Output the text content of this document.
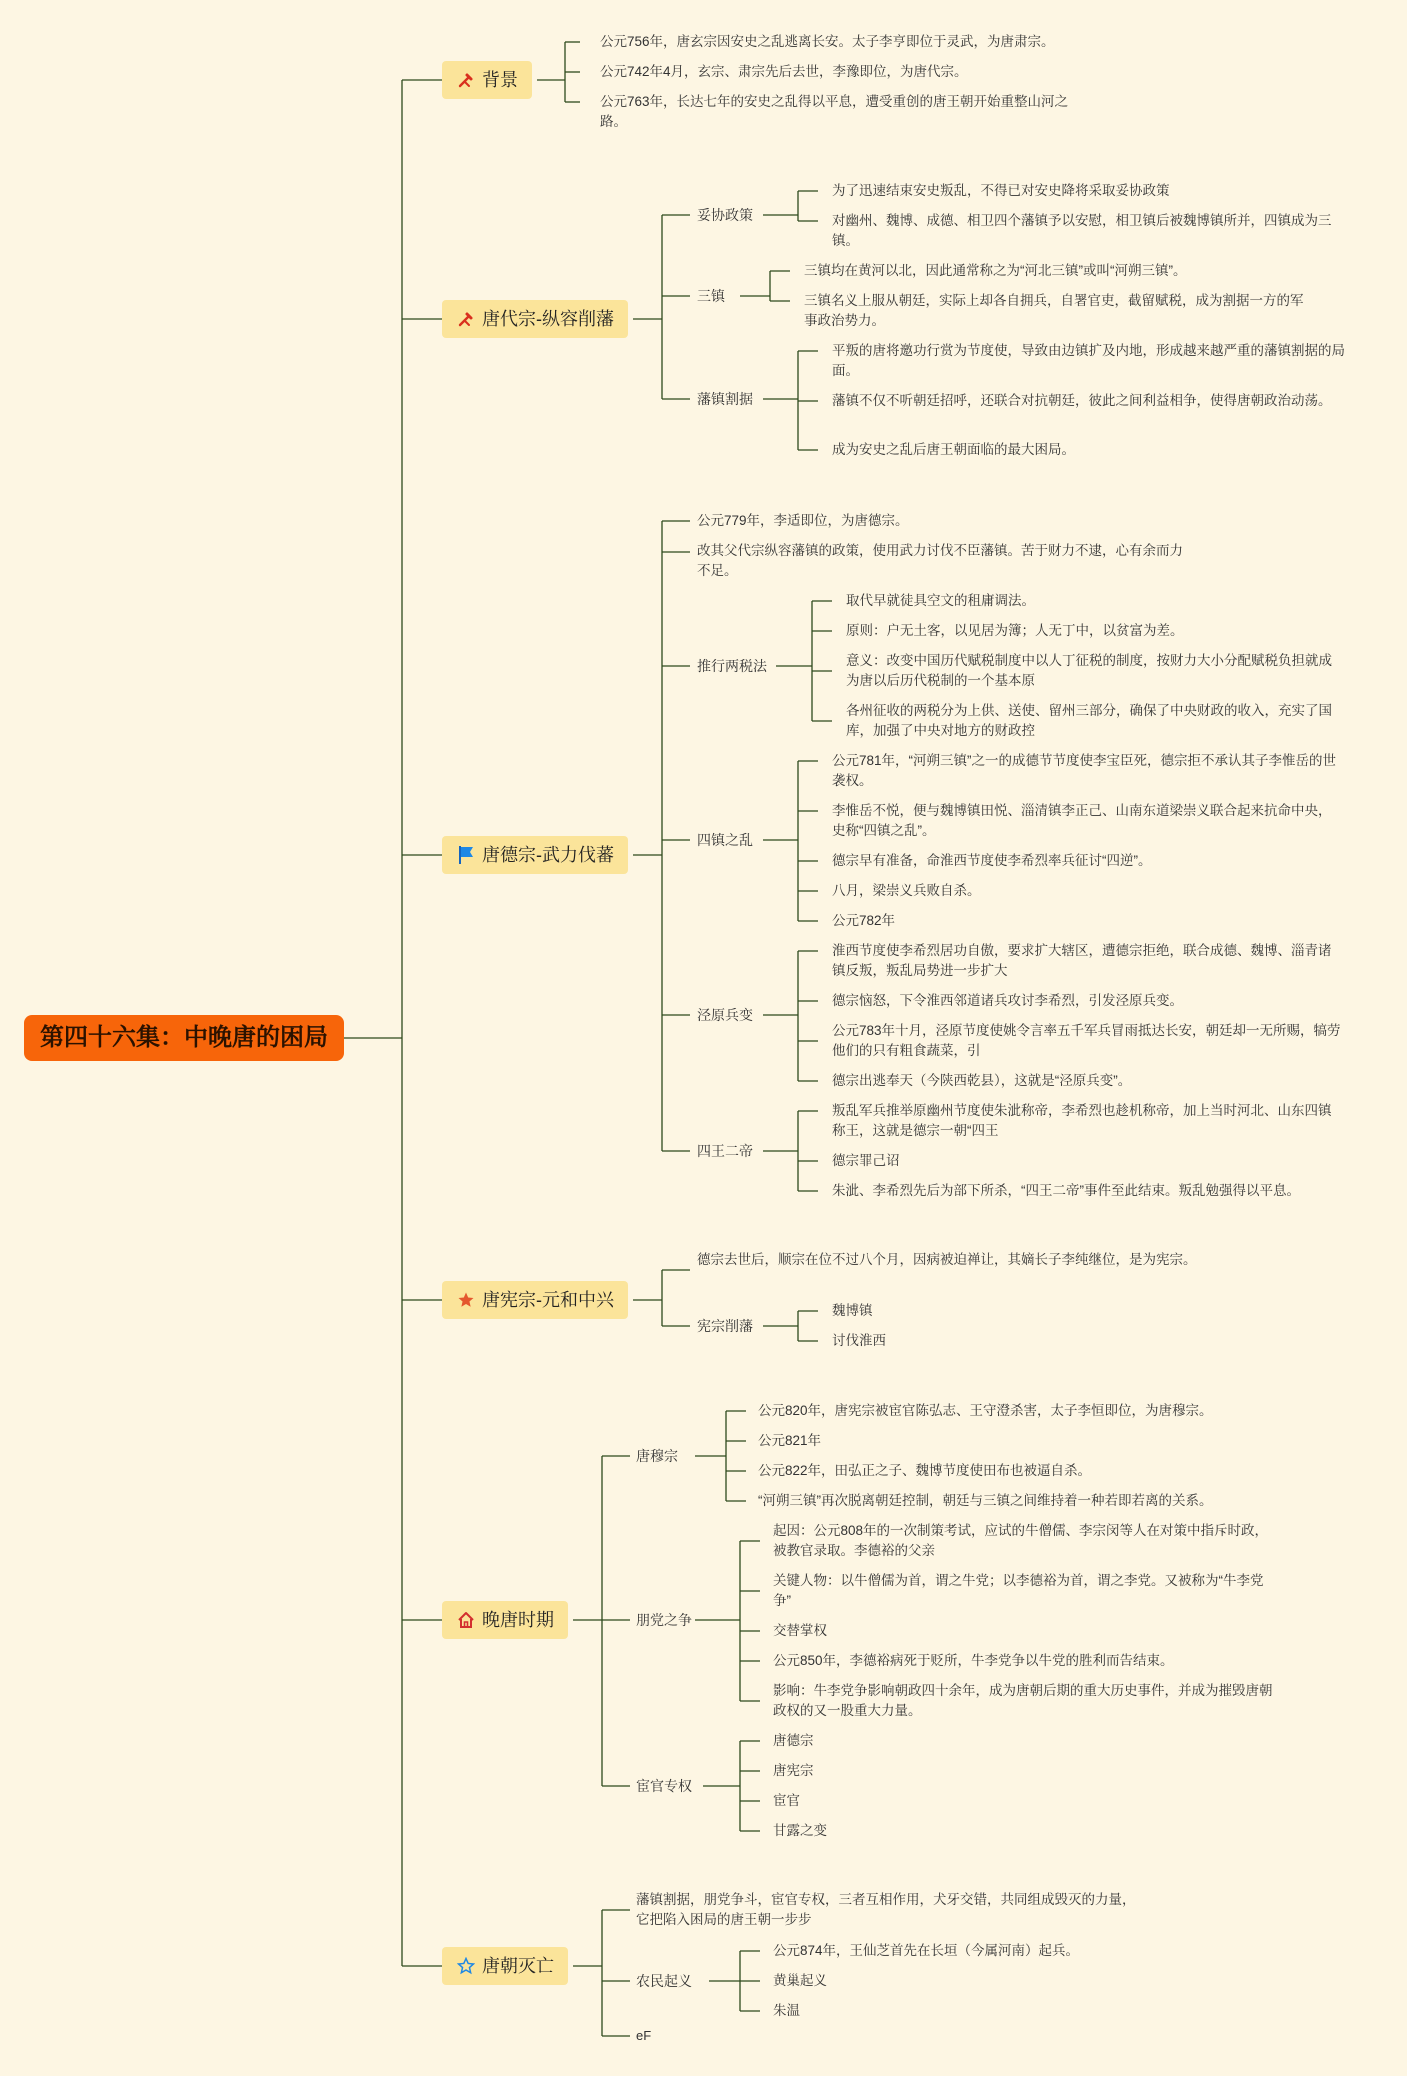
第四十六集：中晚唐的困局
背景
公元756年，唐玄宗因安史之乱逃离长安。太子李亨即位于灵武，为唐肃宗。
公元742年4月，玄宗、肃宗先后去世，李豫即位，为唐代宗。
公元763年，长达七年的安史之乱得以平息，遭受重创的唐王朝开始重整山河之路。
唐代宗-纵容削藩
妥协政策
为了迅速结束安史叛乱，不得已对安史降将采取妥协政策
对幽州、魏博、成德、相卫四个藩镇予以安慰，相卫镇后被魏博镇所并，四镇成为三镇。
三镇
三镇均在黄河以北，因此通常称之为“河北三镇”或叫“河朔三镇”。
三镇名义上服从朝廷，实际上却各自拥兵，自署官吏，截留赋税，成为割据一方的军事政治势力。
藩镇割据
平叛的唐将邀功行赏为节度使，导致由边镇扩及内地，形成越来越严重的藩镇割据的局面。
藩镇不仅不听朝廷招呼，还联合对抗朝廷，彼此之间利益相争，使得唐朝政治动荡。
成为安史之乱后唐王朝面临的最大困局。
唐德宗-武力伐蕃
公元779年，李适即位，为唐德宗。
改其父代宗纵容藩镇的政策，使用武力讨伐不臣藩镇。苦于财力不逮，心有余而力不足。
推行两税法
取代早就徒具空文的租庸调法。
原则：户无土客，以见居为簿；人无丁中，以贫富为差。
意义：改变中国历代赋税制度中以人丁征税的制度，按财力大小分配赋税负担就成为唐以后历代税制的一个基本原
各州征收的两税分为上供、送使、留州三部分，确保了中央财政的收入，充实了国库，加强了中央对地方的财政控
四镇之乱
公元781年，“河朔三镇”之一的成德节节度使李宝臣死，德宗拒不承认其子李惟岳的世袭权。
李惟岳不悦，便与魏博镇田悦、淄清镇李正己、山南东道梁崇义联合起来抗命中央，史称“四镇之乱”。
德宗早有准备，命淮西节度使李希烈率兵征讨“四逆”。
八月，梁崇义兵败自杀。
公元782年
泾原兵变
淮西节度使李希烈居功自傲，要求扩大辖区，遭德宗拒绝，联合成德、魏博、淄青诸镇反叛，叛乱局势进一步扩大
德宗恼怒，下令淮西邻道诸兵攻讨李希烈，引发泾原兵变。
公元783年十月，泾原节度使姚令言率五千军兵冒雨抵达长安，朝廷却一无所赐，犒劳他们的只有粗食蔬菜，引
德宗出逃奉天（今陕西乾县），这就是“泾原兵变”。
四王二帝
叛乱军兵推举原幽州节度使朱泚称帝，李希烈也趁机称帝，加上当时河北、山东四镇称王，这就是德宗一朝“四王
德宗罪己诏
朱泚、李希烈先后为部下所杀，“四王二帝”事件至此结束。叛乱勉强得以平息。
唐宪宗-元和中兴
德宗去世后，顺宗在位不过八个月，因病被迫禅让，其嫡长子李纯继位，是为宪宗。
宪宗削藩
魏博镇
讨伐淮西
晚唐时期
唐穆宗
公元820年，唐宪宗被宦官陈弘志、王守澄杀害，太子李恒即位，为唐穆宗。
公元821年
公元822年，田弘正之子、魏博节度使田布也被逼自杀。
“河朔三镇”再次脱离朝廷控制，朝廷与三镇之间维持着一种若即若离的关系。
朋党之争
起因：公元808年的一次制策考试，应试的牛僧儒、李宗闵等人在对策中指斥时政，被教官录取。李德裕的父亲
关键人物：以牛僧儒为首，谓之牛党；以李德裕为首，谓之李党。又被称为“牛李党争”
交替掌权
公元850年，李德裕病死于贬所，牛李党争以牛党的胜利而告结束。
影响：牛李党争影响朝政四十余年，成为唐朝后期的重大历史事件，并成为摧毁唐朝政权的又一股重大力量。
宦官专权
唐德宗
唐宪宗
宦官
甘露之变
唐朝灭亡
藩镇割据，朋党争斗，宦官专权，三者互相作用，犬牙交错，共同组成毁灭的力量，它把陷入困局的唐王朝一步步
农民起义
公元874年，王仙芝首先在长垣（今属河南）起兵。
黄巢起义
朱温
eF
